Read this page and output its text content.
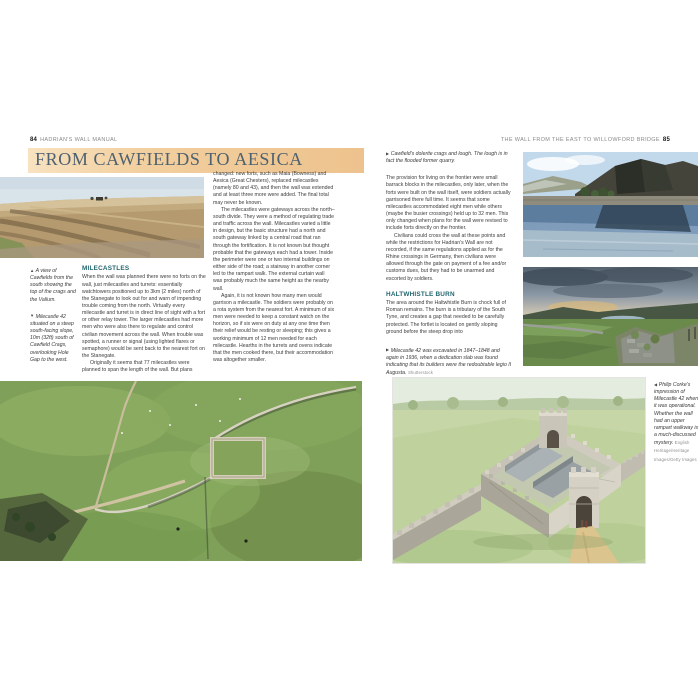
84 HADRIAN'S WALL MANUAL	THE WALL FROM THE EAST TO WILLOWFORD BRIDGE 85
FROM CAWFIELDS TO AESICA
▲ A view of Cawfields from the south showing the top of the crags and the Vallum.
▼ Milecastle 42 situated on a steep south-facing slope, 10m (32ft) south of Cawfield Crags, overlooking Hole Gap to the west.
MILECASTLES

When the wall was planned there were no forts on the wall, just milecastles and turrets: essentially watchtowers positioned up to 3km (2 miles) north of the Stanegate to look out for and warn of impending trouble coming from the north. Virtually every milecastle and turret is in direct line of sight with a fort or other relay tower. The larger milecastles had more men who were also there to regulate and control civilian movement across the wall. When trouble was spotted, a runner or signal (using lighted flares or semaphore) would be sent back to the nearest fort on the Stanegate.

Originally it seems that 77 milecastles were planned to span the length of the wall. But plans

changed: new forts, such as Maia (Bowness) and Aesica (Great Chesters), replaced milecastles (namely 80 and 43), and then the wall was extended and at least three more were added. The final total may never be known.

The milecastles were gateways across the north–south divide. They were a method of regulating trade and traffic across the wall. Milecastles varied a little in design, but the basic structure had a north and south gateway linked by a central road that ran through the fortification. It is not known but thought probable that the gateways each had a tower. Inside the perimeter were one or two internal buildings on either side of the road; a stairway in another corner led to the rampart walk. The external curtain wall was probably much the same height as the nearby wall.

Again, it is not known how many men would garrison a milecastle. The soldiers were probably on a rota system from the nearest fort. A minimum of six men were needed to keep a constant watch on the horizon, so if six were on duty at any one time then their relief would be resting or sleeping; this gives a working minimum of 12 men needed for each milecastle. Hearths in the turrets and ovens indicate that the men cooked there, but their accommodation was altogether smaller.

▶ Cawfield's dolerite crags and lough. The lough is in fact the flooded former quarry.

The provision for living on the frontier were small barrack blocks in the milecastles, only later, when the forts were built on the wall itself, were soldiers actually garrisoned there full time. It seems that some milecastles accommodated eight men while others (maybe the busier crossings) held up to 32 men. This only changed when plans for the wall were revised to include forts directly on the frontier.

Civilians could cross the wall at these points and while the restrictions for Hadrian's Wall are not recorded, if the same regulations applied as for the Rhine crossings in Germany, then civilians were allowed through the gate on payment of a fee and/or customs dues, but they had to be unarmed and escorted by soldiers.

HALTWHISTLE BURN

The area around the Haltwhistle Burn is chock full of Roman remains. The burn is a tributary of the South Tyne, and creates a gap that needed to be carefully protected. The fortlet is located on gently sloping ground before the steep drop into

▶ Milecastle 42 was excavated in 1847–1848 and again in 1936, when a dedication slab was found indicating that its builders were the redoubtable legio II Augusta. Shutterstock
◀ Philip Corke's impression of Milecastle 42 when it was operational. Whether the wall had an upper rampart walkway is a much-discussed mystery. English Heritage/Heritage Images/Getty Images
